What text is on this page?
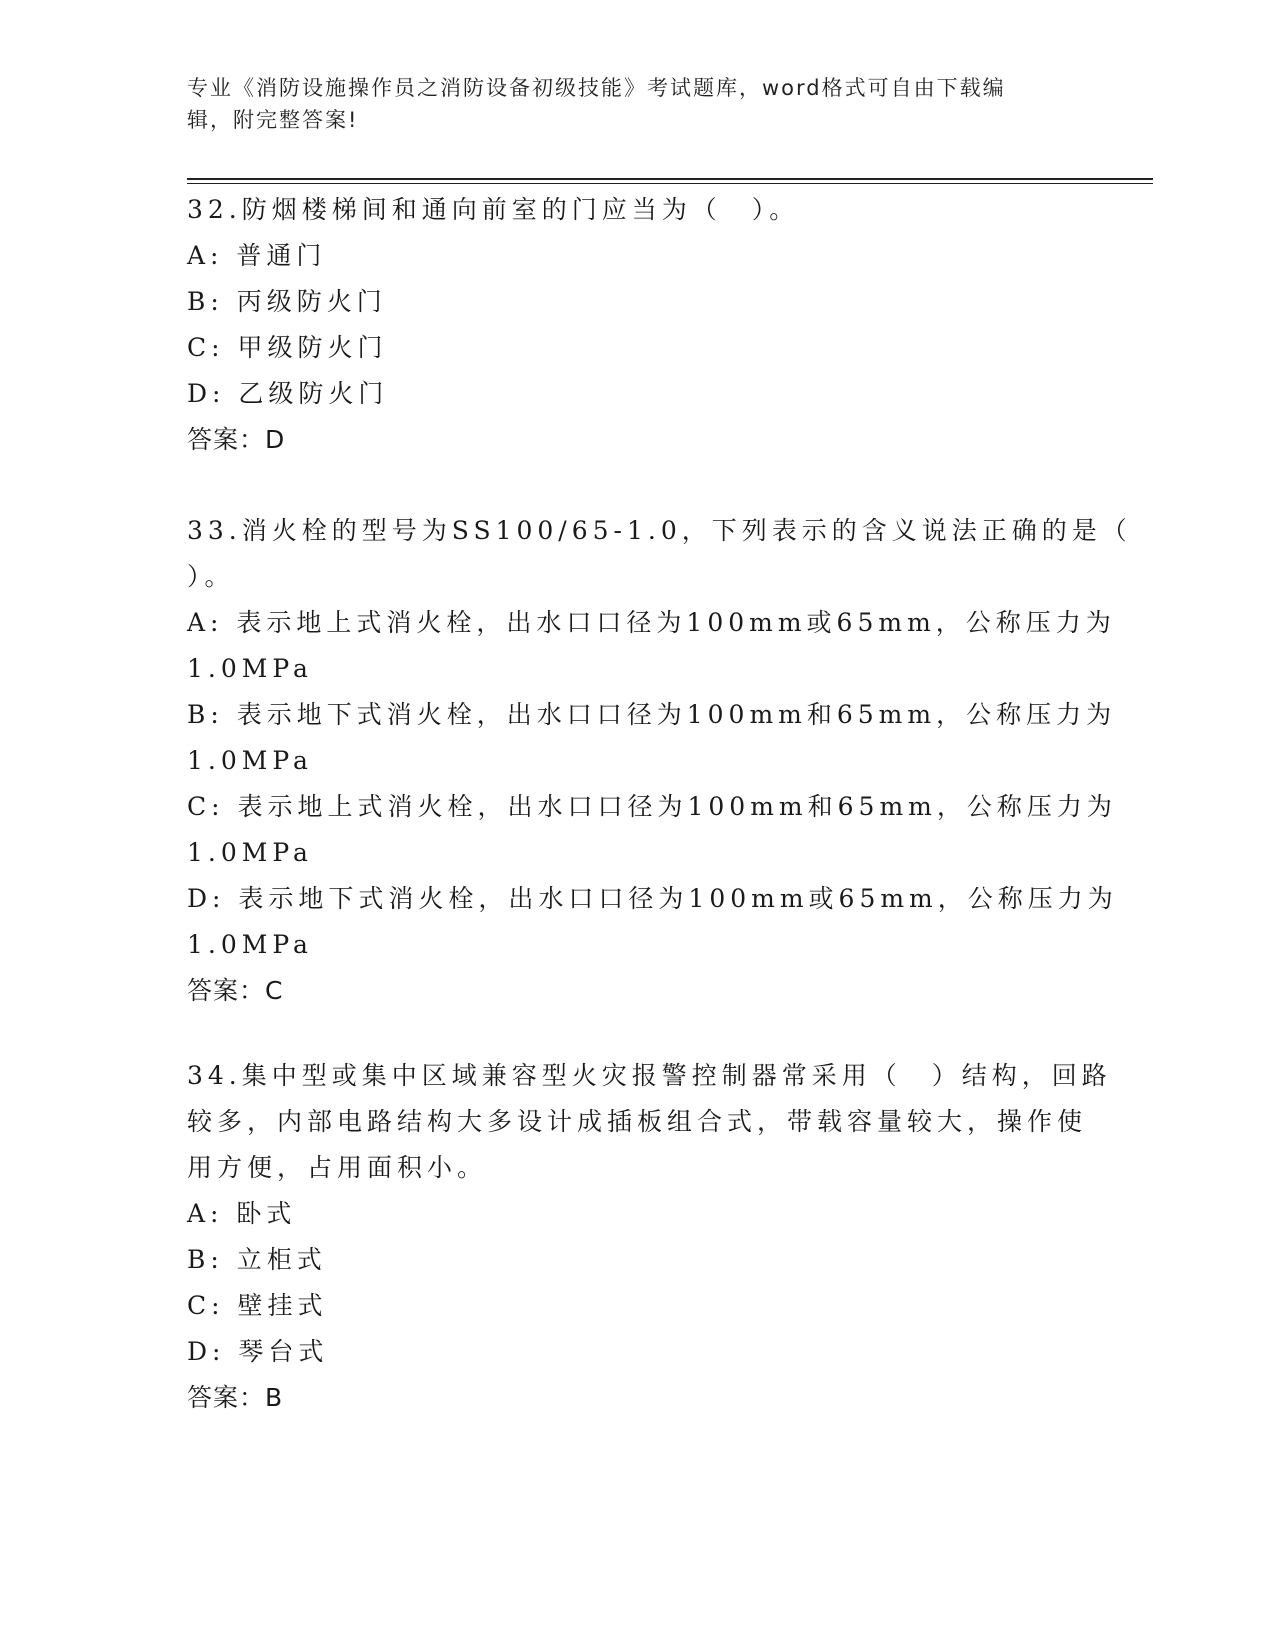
专业《消防设施操作员之消防设备初级技能》考试题库，word格式可自由下载编
辑，附完整答案!
32.防烟楼梯间和通向前室的门应当为（　）。
A: 普通门
B: 丙级防火门
C: 甲级防火门
D: 乙级防火门
答案：D
33.消火栓的型号为SS100/65-1.0，下列表示的含义说法正确的是（
）。
A: 表示地上式消火栓，出水口口径为100mm或65mm，公称压力为
1.0MPa
B: 表示地下式消火栓，出水口口径为100mm和65mm，公称压力为
1.0MPa
C: 表示地上式消火栓，出水口口径为100mm和65mm，公称压力为
1.0MPa
D: 表示地下式消火栓，出水口口径为100mm或65mm，公称压力为
1.0MPa
答案：C
34.集中型或集中区域兼容型火灾报警控制器常采用（　）结构，回路
较多，内部电路结构大多设计成插板组合式，带载容量较大，操作使
用方便，占用面积小。
A: 卧式
B: 立柜式
C: 壁挂式
D: 琴台式
答案：B
